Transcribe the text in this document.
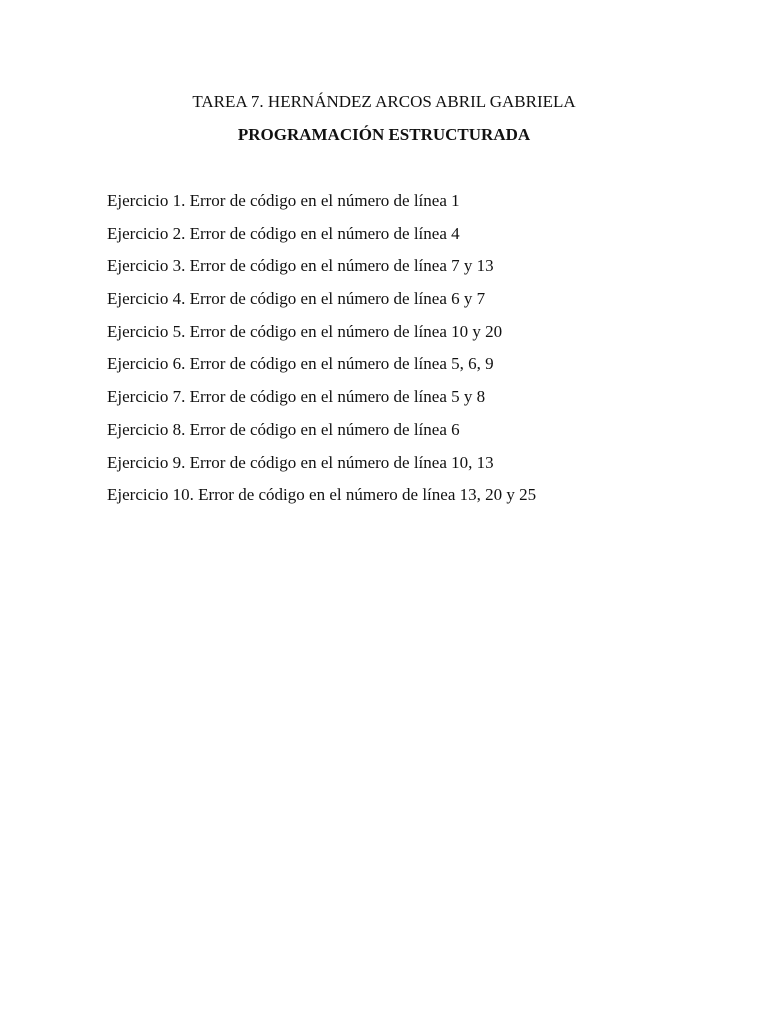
TAREA 7. HERNÁNDEZ ARCOS ABRIL GABRIELA
PROGRAMACIÓN ESTRUCTURADA
Ejercicio 1. Error de código en el número de línea 1
Ejercicio 2. Error de código en el número de línea 4
Ejercicio 3. Error de código en el número de línea 7 y 13
Ejercicio 4. Error de código en el número de línea 6 y 7
Ejercicio 5. Error de código en el número de línea 10 y 20
Ejercicio 6. Error de código en el número de línea 5, 6, 9
Ejercicio 7. Error de código en el número de línea 5 y 8
Ejercicio 8. Error de código en el número de línea 6
Ejercicio 9. Error de código en el número de línea 10, 13
Ejercicio 10. Error de código en el número de línea 13, 20 y 25
